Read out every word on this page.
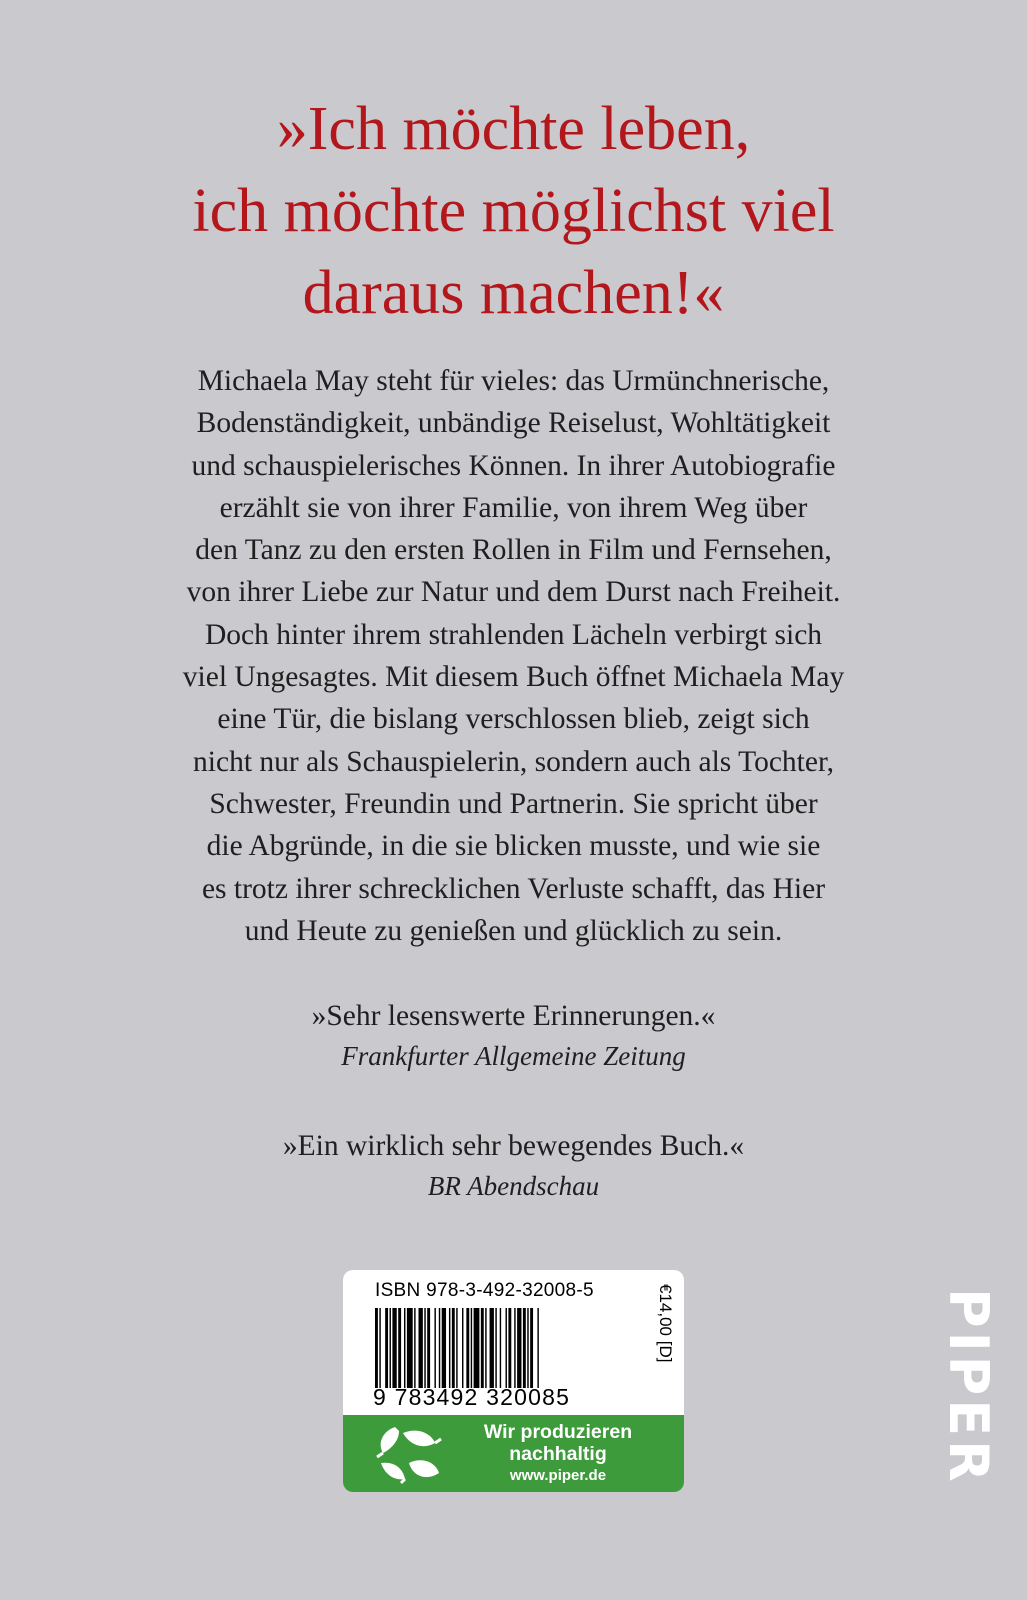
»Ich möchte leben,
ich möchte möglichst viel
daraus machen!«
Michaela May steht für vieles: das Urmünchnerische,
Bodenständigkeit, unbändige Reiselust, Wohltätigkeit
und schauspielerisches Können. In ihrer Autobiografie
erzählt sie von ihrer Familie, von ihrem Weg über
den Tanz zu den ersten Rollen in Film und Fernsehen,
von ihrer Liebe zur Natur und dem Durst nach Freiheit.
Doch hinter ihrem strahlenden Lächeln verbirgt sich
viel Ungesagtes. Mit diesem Buch öffnet Michaela May
eine Tür, die bislang verschlossen blieb, zeigt sich
nicht nur als Schauspielerin, sondern auch als Tochter,
Schwester, Freundin und Partnerin. Sie spricht über
die Abgründe, in die sie blicken musste, und wie sie
es trotz ihrer schrecklichen Verluste schafft, das Hier
und Heute zu genießen und glücklich zu sein.
»Sehr lesenswerte Erinnerungen.«
Frankfurter Allgemeine Zeitung
»Ein wirklich sehr bewegendes Buch.«
BR Abendschau
ISBN 978-3-492-32008-5
9 783492 320085
€14,00 [D]
Wir produzieren
nachhaltig
www.piper.de	PIPER
